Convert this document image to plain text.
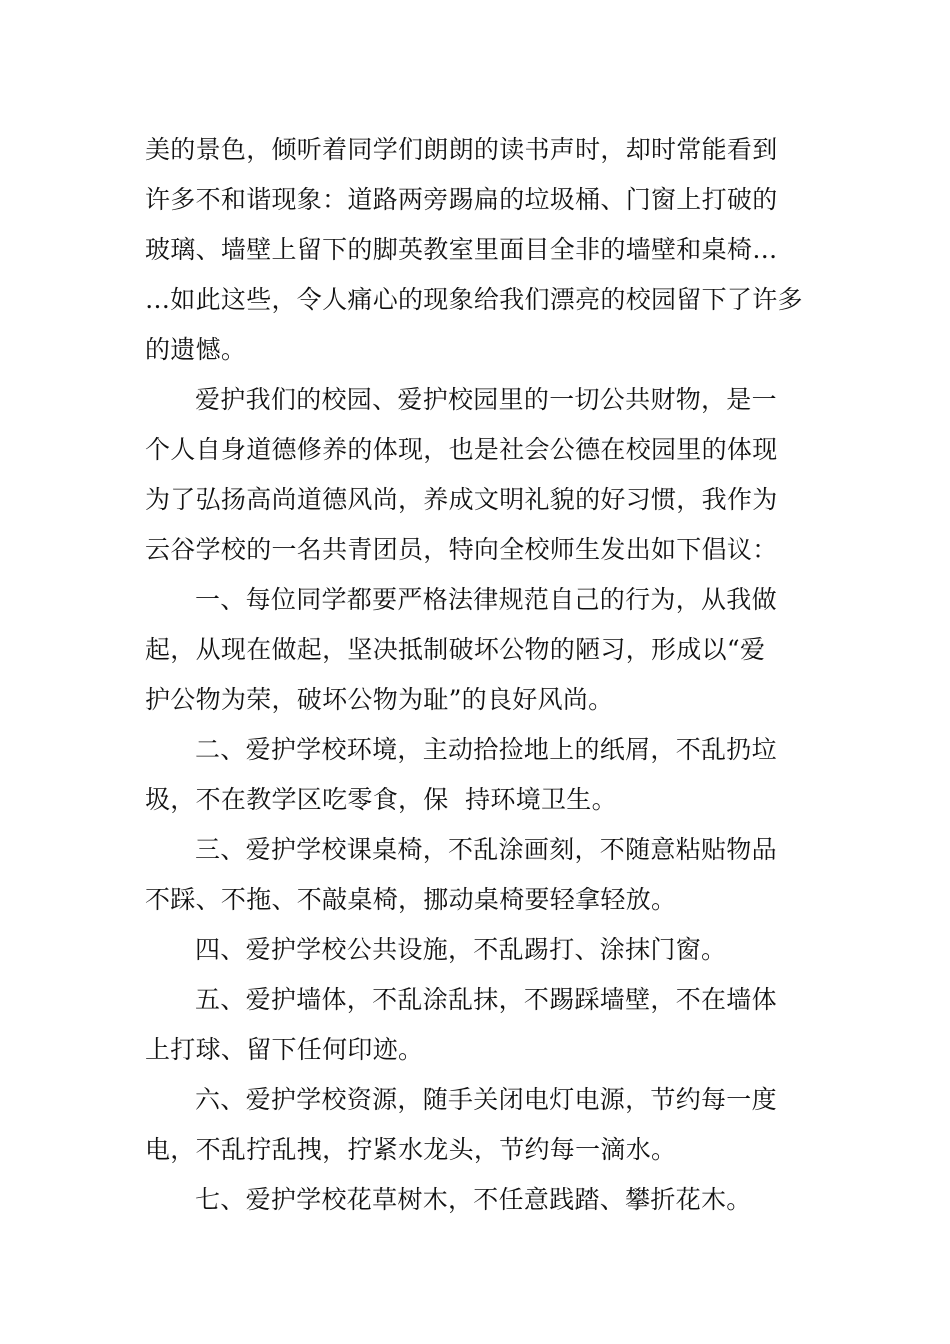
美的景色，倾听着同学们朗朗的读书声时，却时常能看到
许多不和谐现象：道路两旁踢扁的垃圾桶、门窗上打破的
玻璃、墙壁上留下的脚英教室里面目全非的墙壁和桌椅…
…如此这些，令人痛心的现象给我们漂亮的校园留下了许多
的遗憾。
爱护我们的校园、爱护校园里的一切公共财物，是一
个人自身道德修养的体现，也是社会公德在校园里的体现
为了弘扬高尚道德风尚，养成文明礼貌的好习惯，我作为
云谷学校的一名共青团员，特向全校师生发出如下倡议：
一、每位同学都要严格法律规范自己的行为，从我做
起，从现在做起，坚决抵制破坏公物的陋习，形成以“爱
护公物为荣，破坏公物为耻”的良好风尚。
二、爱护学校环境，主动拾捡地上的纸屑，不乱扔垃
圾，不在教学区吃零食，保  持环境卫生。
三、爱护学校课桌椅，不乱涂画刻，不随意粘贴物品
不踩、不拖、不敲桌椅，挪动桌椅要轻拿轻放。
四、爱护学校公共设施，不乱踢打、涂抹门窗。
五、爱护墙体，不乱涂乱抹，不踢踩墙壁，不在墙体
上打球、留下任何印迹。
六、爱护学校资源，随手关闭电灯电源，节约每一度
电，不乱拧乱拽，拧紧水龙头，节约每一滴水。
七、爱护学校花草树木，不任意践踏、攀折花木。
